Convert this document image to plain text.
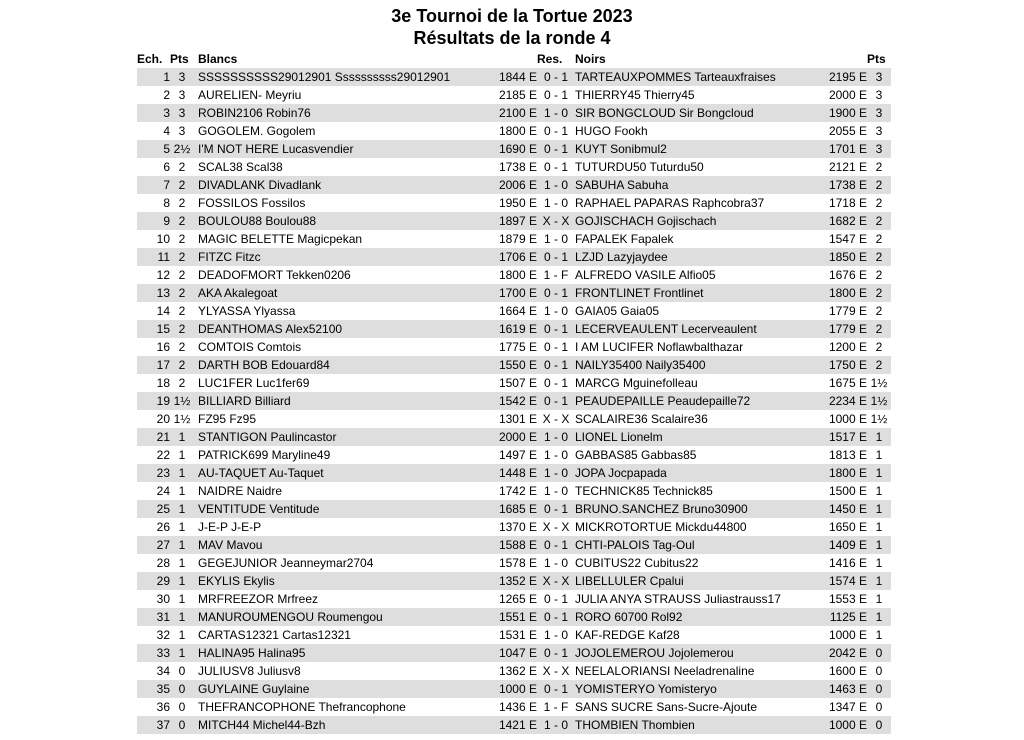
3e Tournoi de la Tortue 2023
Résultats de la ronde 4
Ech.	Pts	Blancs		Res.	Noirs		Pts
1	3	SSSSSSSSSS29012901 Ssssssssss29012901	1844 E	0 - 1	TARTEAUXPOMMES Tarteauxfraises	2195 E	3
2	3	AURELIEN- Meyriu	2185 E	0 - 1	THIERRY45 Thierry45	2000 E	3
3	3	ROBIN2106 Robin76	2100 E	1 - 0	SIR BONGCLOUD Sir Bongcloud	1900 E	3
4	3	GOGOLEM. Gogolem	1800 E	0 - 1	HUGO Fookh	2055 E	3
5	2½	I'M NOT HERE Lucasvendier	1690 E	0 - 1	KUYT Sonibmul2	1701 E	3
6	2	SCAL38 Scal38	1738 E	0 - 1	TUTURDU50 Tuturdu50	2121 E	2
7	2	DIVADLANK Divadlank	2006 E	1 - 0	SABUHA Sabuha	1738 E	2
8	2	FOSSILOS Fossilos	1950 E	1 - 0	RAPHAEL PAPARAS Raphcobra37	1718 E	2
9	2	BOULOU88 Boulou88	1897 E	X - X	GOJISCHACH Gojischach	1682 E	2
10	2	MAGIC BELETTE Magicpekan	1879 E	1 - 0	FAPALEK Fapalek	1547 E	2
11	2	FITZC Fitzc	1706 E	0 - 1	LZJD Lazyjaydee	1850 E	2
12	2	DEADOFMORT Tekken0206	1800 E	1 - F	ALFREDO VASILE Alfio05	1676 E	2
13	2	AKA Akalegoat	1700 E	0 - 1	FRONTLINET Frontlinet	1800 E	2
14	2	YLYASSA Ylyassa	1664 E	1 - 0	GAIA05 Gaia05	1779 E	2
15	2	DEANTHOMAS Alex52100	1619 E	0 - 1	LECERVEAULENT Lecerveaulent	1779 E	2
16	2	COMTOIS Comtois	1775 E	0 - 1	I AM LUCIFER Noflawbalthazar	1200 E	2
17	2	DARTH BOB Edouard84	1550 E	0 - 1	NAILY35400 Naily35400	1750 E	2
18	2	LUC1FER Luc1fer69	1507 E	0 - 1	MARCG Mguinefolleau	1675 E	1½
19	1½	BILLIARD Billiard	1542 E	0 - 1	PEAUDEPAILLE Peaudepaille72	2234 E	1½
20	1½	FZ95 Fz95	1301 E	X - X	SCALAIRE36 Scalaire36	1000 E	1½
21	1	STANTIGON Paulincastor	2000 E	1 - 0	LIONEL Lionelm	1517 E	1
22	1	PATRICK699 Maryline49	1497 E	1 - 0	GABBAS85 Gabbas85	1813 E	1
23	1	AU-TAQUET Au-Taquet	1448 E	1 - 0	JOPA Jocpapada	1800 E	1
24	1	NAIDRE Naidre	1742 E	1 - 0	TECHNICK85 Technick85	1500 E	1
25	1	VENTITUDE Ventitude	1685 E	0 - 1	BRUNO.SANCHEZ Bruno30900	1450 E	1
26	1	J-E-P J-E-P	1370 E	X - X	MICKROTORTUE Mickdu44800	1650 E	1
27	1	MAV Mavou	1588 E	0 - 1	CHTI-PALOIS Tag-Oul	1409 E	1
28	1	GEGEJUNIOR Jeanneymar2704	1578 E	1 - 0	CUBITUS22 Cubitus22	1416 E	1
29	1	EKYLIS Ekylis	1352 E	X - X	LIBELLULER Cpalui	1574 E	1
30	1	MRFREEZOR Mrfreez	1265 E	0 - 1	JULIA ANYA STRAUSS Juliastrauss17	1553 E	1
31	1	MANUROUMENGOU Roumengou	1551 E	0 - 1	RORO 60700 Rol92	1125 E	1
32	1	CARTAS12321 Cartas12321	1531 E	1 - 0	KAF-REDGE Kaf28	1000 E	1
33	1	HALINA95 Halina95	1047 E	0 - 1	JOJOLEMEROU Jojolemerou	2042 E	0
34	0	JULIUSV8 Juliusv8	1362 E	X - X	NEELALORIANSI Neeladrenaline	1600 E	0
35	0	GUYLAINE Guylaine	1000 E	0 - 1	YOMISTERYO Yomisteryo	1463 E	0
36	0	THEFRANCOPHONE Thefrancophone	1436 E	1 - F	SANS SUCRE Sans-Sucre-Ajoute	1347 E	0
37	0	MITCH44 Michel44-Bzh	1421 E	1 - 0	THOMBIEN Thombien	1000 E	0
